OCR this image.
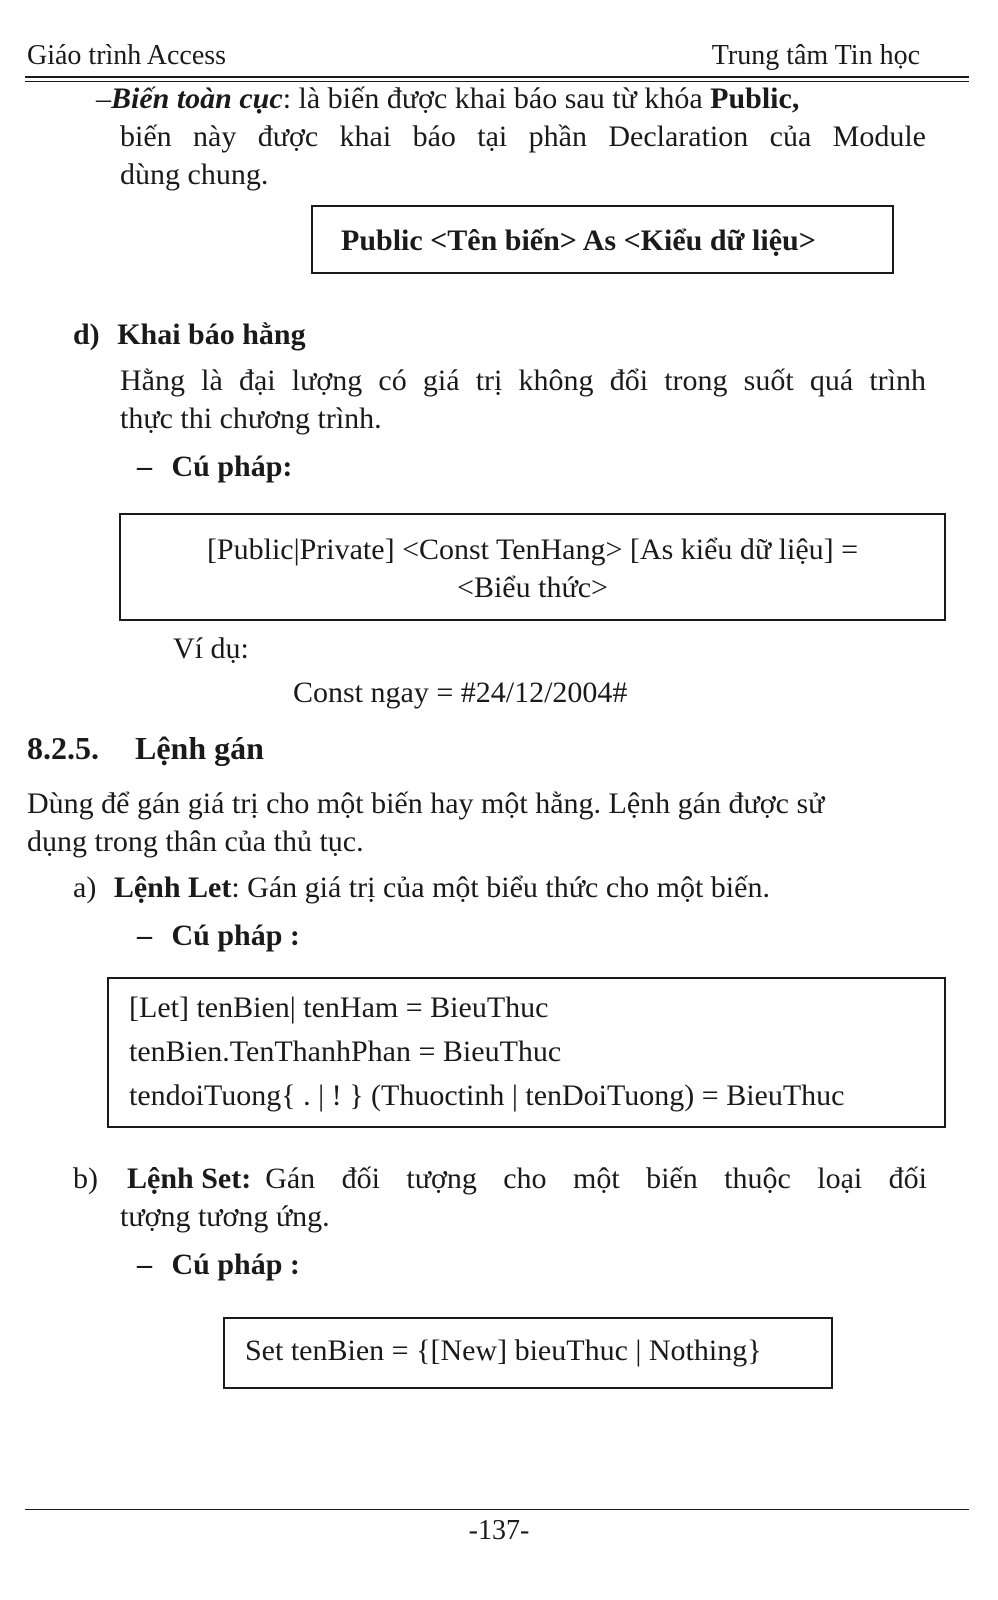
Giáo trình Access	Trung tâm Tin học
–Biến toàn cục: là biến được khai báo sau từ khóa Public,
biến này được khai báo tại phần Declaration của Module
dùng chung.
Public <Tên biến> As <Kiểu dữ liệu>
d) Khai báo hằng
Hằng là đại lượng có giá trị không đổi trong suốt quá trình
thực thi chương trình.
– Cú pháp:
[Public|Private] <Const TenHang> [As kiểu dữ liệu] =
<Biểu thức>
Ví dụ:
Const ngay = #24/12/2004#
8.2.5. Lệnh gán
Dùng để gán giá trị cho một biến hay một hằng. Lệnh gán được sử
dụng trong thân của thủ tục.
a) Lệnh Let: Gán giá trị của một biểu thức cho một biến.
– Cú pháp :
[Let] tenBien| tenHam = BieuThuc
tenBien.TenThanhPhan = BieuThuc
tendoiTuong{ . | ! } (Thuoctinh | tenDoiTuong) = BieuThuc
b) Lệnh Set : Gán đối tượng cho một biến thuộc loại đối
tượng tương ứng.
– Cú pháp :
Set tenBien = {[New] bieuThuc | Nothing}
-137-
